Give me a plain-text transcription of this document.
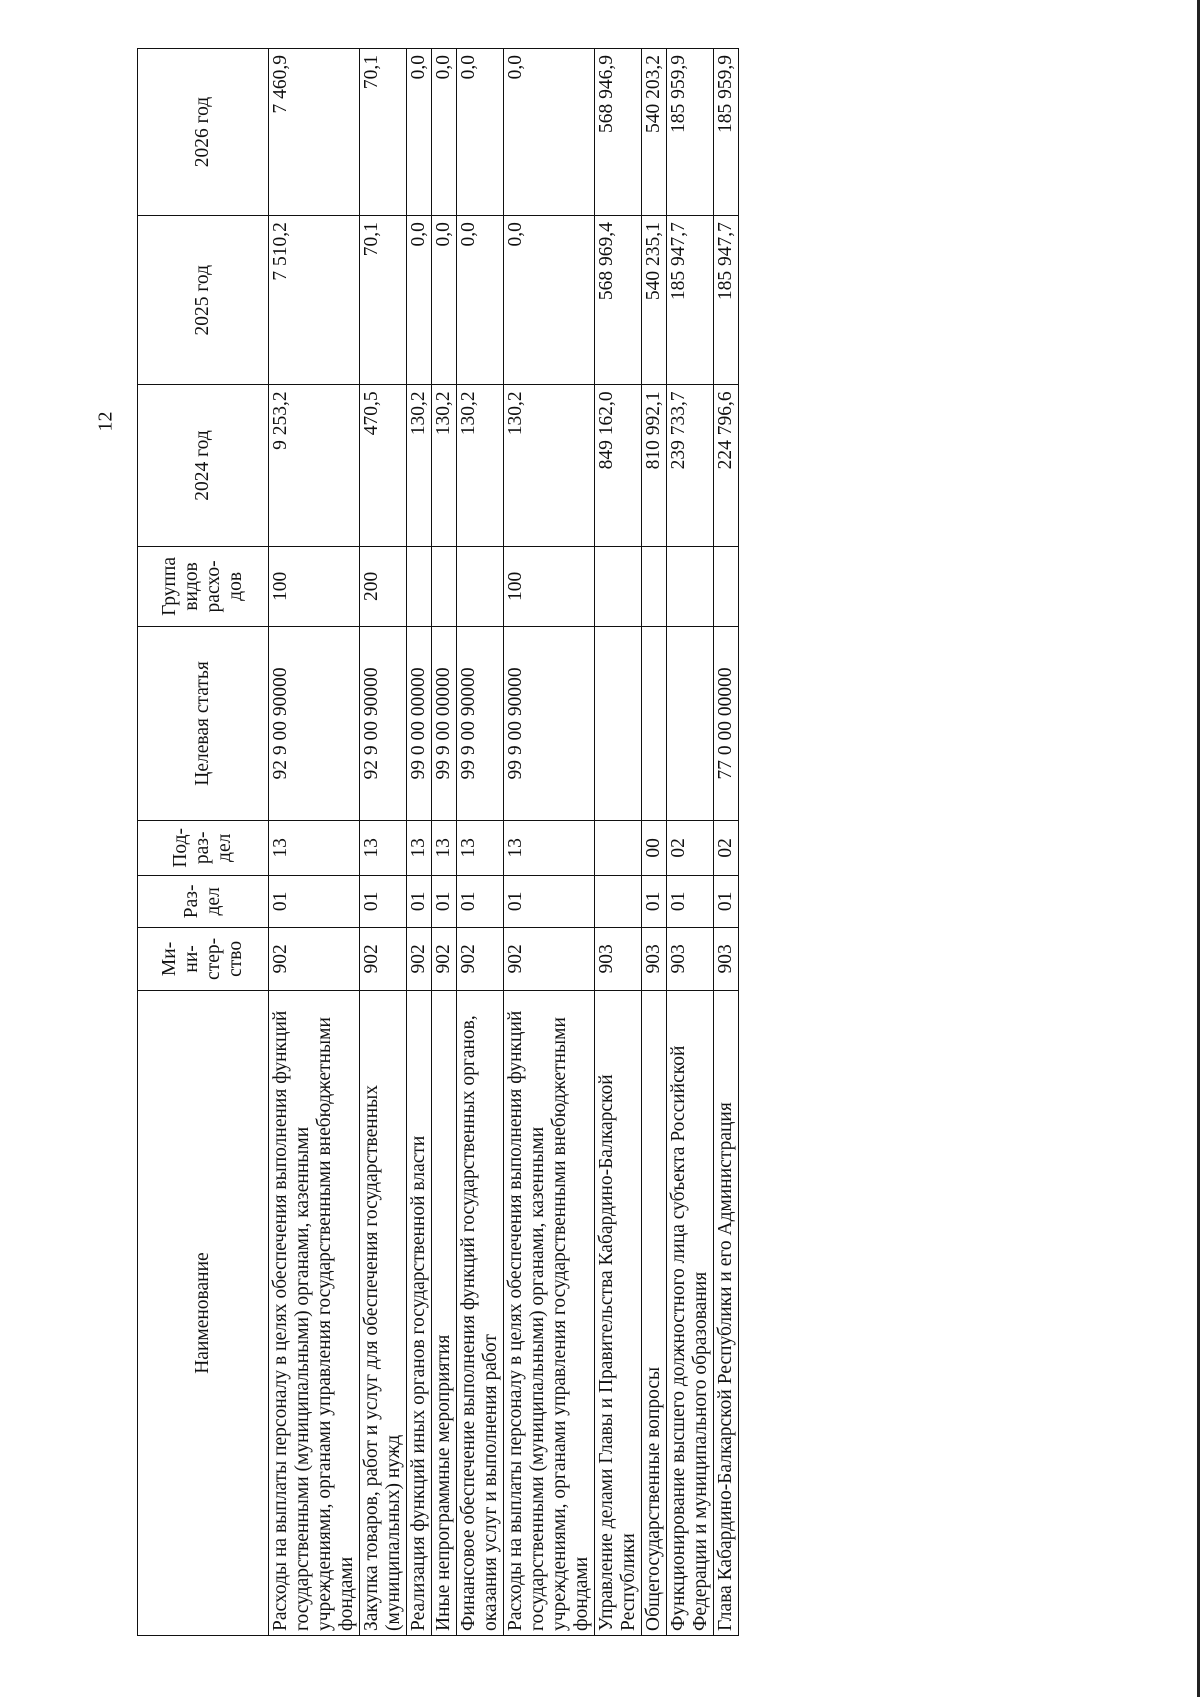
12
Наименование	Ми-
ни-
стер-
ство	Раз-
дел	Под-
раз-
дел	Целевая статья	Группа
видов
расхо-
дов	2024 год	2025 год	2026 год
Расходы на выплаты персоналу в целях обеспечения выполнения функций государственными (муниципальными) органами, казенными учреждениями, органами управления государственными внебюджетными фондами	902	01	13	92 9 00 90000	100	9 253,2	7 510,2	7 460,9
Закупка товаров, работ и услуг для обеспечения государственных (муниципальных) нужд	902	01	13	92 9 00 90000	200	470,5	70,1	70,1
Реализация функций иных органов государственной власти	902	01	13	99 0 00 00000		130,2	0,0	0,0
Иные непрограммные мероприятия	902	01	13	99 9 00 00000		130,2	0,0	0,0
Финансовое обеспечение выполнения функций государственных органов, оказания услуг и выполнения работ	902	01	13	99 9 00 90000		130,2	0,0	0,0
Расходы на выплаты персоналу в целях обеспечения выполнения функций государственными (муниципальными) органами, казенными учреждениями, органами управления государственными внебюджетными фондами	902	01	13	99 9 00 90000	100	130,2	0,0	0,0
Управление делами Главы и Правительства Кабардино-Балкарской Республики	903					849 162,0	568 969,4	568 946,9
Общегосударственные вопросы	903	01	00			810 992,1	540 235,1	540 203,2
Функционирование высшего должностного лица субъекта Российской Федерации и муниципального образования	903	01	02			239 733,7	185 947,7	185 959,9
Глава Кабардино-Балкарской Республики и его Администрация	903	01	02	77 0 00 00000		224 796,6	185 947,7	185 959,9
